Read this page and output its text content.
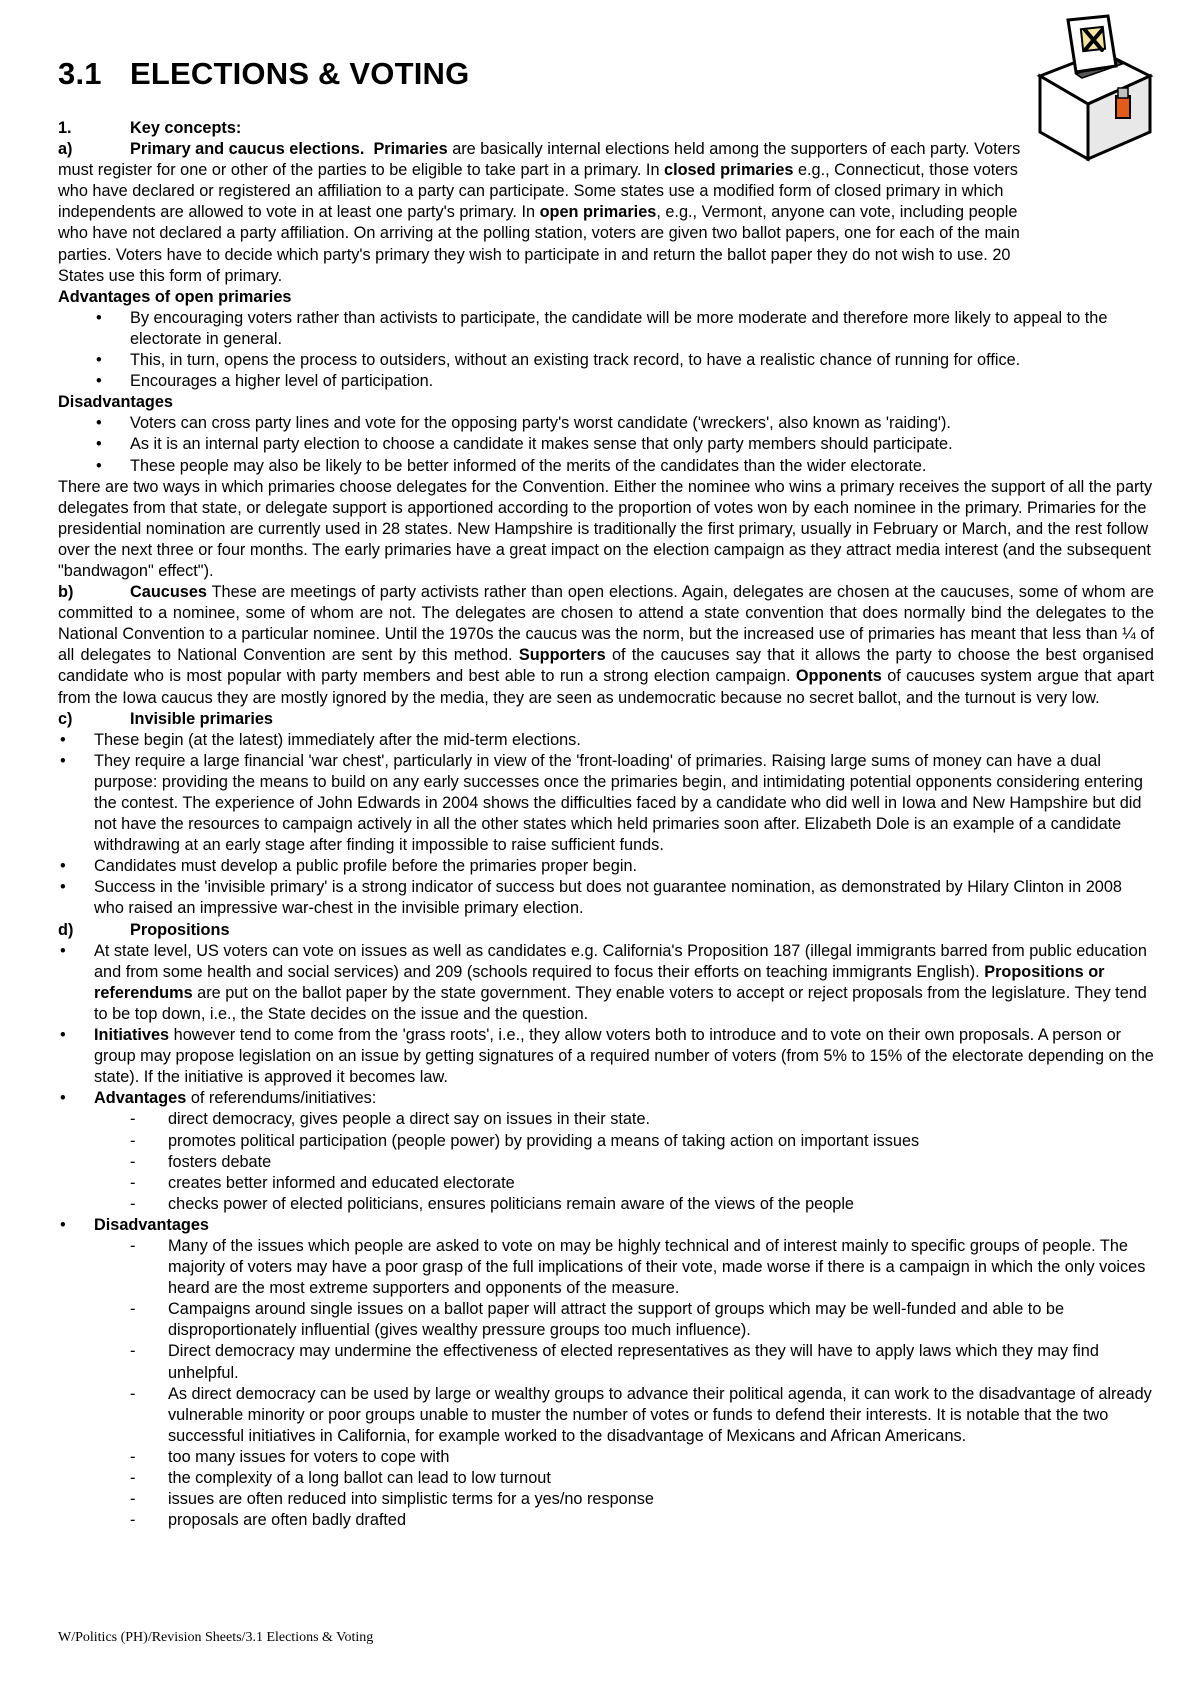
3.1 ELECTIONS & VOTING

1.	Key concepts:

a)	Primary and caucus elections. Primaries are basically internal elections held among the supporters of each party. Voters must register for one or other of the parties to be eligible to take part in a primary. In closed primaries e.g., Connecticut, those voters who have declared or registered an affiliation to a party can participate. Some states use a modified form of closed primary in which independents are allowed to vote in at least one party's primary. In open primaries, e.g., Vermont, anyone can vote, including people who have not declared a party affiliation. On arriving at the polling station, voters are given two ballot papers, one for each of the main parties. Voters have to decide which party's primary they wish to participate in and return the ballot paper they do not wish to use. 20 States use this form of primary.

Advantages of open primaries

• By encouraging voters rather than activists to participate, the candidate will be more moderate and therefore more likely to appeal to the electorate in general.
• This, in turn, opens the process to outsiders, without an existing track record, to have a realistic chance of running for office.
• Encourages a higher level of participation.

Disadvantages

• Voters can cross party lines and vote for the opposing party's worst candidate ('wreckers', also known as 'raiding').
• As it is an internal party election to choose a candidate it makes sense that only party members should participate.
• These people may also be likely to be better informed of the merits of the candidates than the wider electorate.

There are two ways in which primaries choose delegates for the Convention. Either the nominee who wins a primary receives the support of all the party delegates from that state, or delegate support is apportioned according to the proportion of votes won by each nominee in the primary. Primaries for the presidential nomination are currently used in 28 states. New Hampshire is traditionally the first primary, usually in February or March, and the rest follow over the next three or four months. The early primaries have a great impact on the election campaign as they attract media interest (and the subsequent "bandwagon" effect").

b)	Caucuses These are meetings of party activists rather than open elections. Again, delegates are chosen at the caucuses, some of whom are committed to a nominee, some of whom are not. The delegates are chosen to attend a state convention that does normally bind the delegates to the National Convention to a particular nominee. Until the 1970s the caucus was the norm, but the increased use of primaries has meant that less than ¼ of all delegates to National Convention are sent by this method. Supporters of the caucuses say that it allows the party to choose the best organised candidate who is most popular with party members and best able to run a strong election campaign. Opponents of caucuses system argue that apart from the Iowa caucus they are mostly ignored by the media, they are seen as undemocratic because no secret ballot, and the turnout is very low.

c)	Invisible primaries

• These begin (at the latest) immediately after the mid-term elections.
• They require a large financial 'war chest', particularly in view of the 'front-loading' of primaries. Raising large sums of money can have a dual purpose: providing the means to build on any early successes once the primaries begin, and intimidating potential opponents considering entering the contest. The experience of John Edwards in 2004 shows the difficulties faced by a candidate who did well in Iowa and New Hampshire but did not have the resources to campaign actively in all the other states which held primaries soon after. Elizabeth Dole is an example of a candidate withdrawing at an early stage after finding it impossible to raise sufficient funds.
• Candidates must develop a public profile before the primaries proper begin.
• Success in the 'invisible primary' is a strong indicator of success but does not guarantee nomination, as demonstrated by Hilary Clinton in 2008 who raised an impressive war-chest in the invisible primary election.

d)	Propositions

• At state level, US voters can vote on issues as well as candidates e.g. California's Proposition 187 (illegal immigrants barred from public education and from some health and social services) and 209 (schools required to focus their efforts on teaching immigrants English). Propositions or referendums are put on the ballot paper by the state government. They enable voters to accept or reject proposals from the legislature. They tend to be top down, i.e., the State decides on the issue and the question.
• Initiatives however tend to come from the 'grass roots', i.e., they allow voters both to introduce and to vote on their own proposals. A person or group may propose legislation on an issue by getting signatures of a required number of voters (from 5% to 15% of the electorate depending on the state). If the initiative is approved it becomes law.
• Advantages of referendums/initiatives:
- direct democracy, gives people a direct say on issues in their state.
- promotes political participation (people power) by providing a means of taking action on important issues
- fosters debate
- creates better informed and educated electorate
- checks power of elected politicians, ensures politicians remain aware of the views of the people
• Disadvantages
- Many of the issues which people are asked to vote on may be highly technical and of interest mainly to specific groups of people. The majority of voters may have a poor grasp of the full implications of their vote, made worse if there is a campaign in which the only voices heard are the most extreme supporters and opponents of the measure.
- Campaigns around single issues on a ballot paper will attract the support of groups which may be well-funded and able to be disproportionately influential (gives wealthy pressure groups too much influence).
- Direct democracy may undermine the effectiveness of elected representatives as they will have to apply laws which they may find unhelpful.
- As direct democracy can be used by large or wealthy groups to advance their political agenda, it can work to the disadvantage of already vulnerable minority or poor groups unable to muster the number of votes or funds to defend their interests. It is notable that the two successful initiatives in California, for example worked to the disadvantage of Mexicans and African Americans.
- too many issues for voters to cope with
- the complexity of a long ballot can lead to low turnout
- issues are often reduced into simplistic terms for a yes/no response
- proposals are often badly drafted
W/Politics (PH)/Revision Sheets/3.1 Elections & Voting
